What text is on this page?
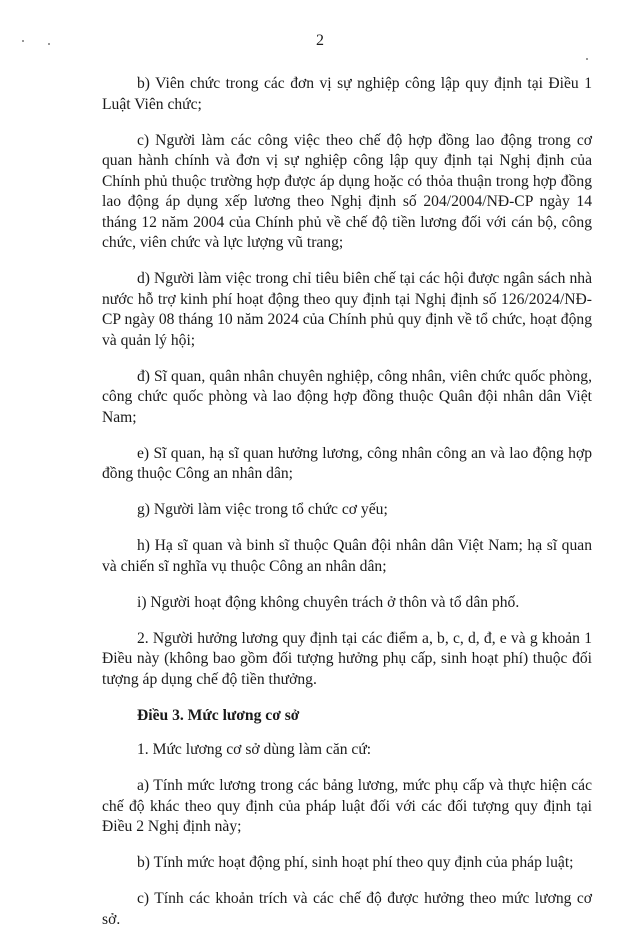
2

b) Viên chức trong các đơn vị sự nghiệp công lập quy định tại Điều 1 Luật Viên chức;

c) Người làm các công việc theo chế độ hợp đồng lao động trong cơ quan hành chính và đơn vị sự nghiệp công lập quy định tại Nghị định của Chính phủ thuộc trường hợp được áp dụng hoặc có thỏa thuận trong hợp đồng lao động áp dụng xếp lương theo Nghị định số 204/2004/NĐ-CP ngày 14 tháng 12 năm 2004 của Chính phủ về chế độ tiền lương đối với cán bộ, công chức, viên chức và lực lượng vũ trang;

d) Người làm việc trong chỉ tiêu biên chế tại các hội được ngân sách nhà nước hỗ trợ kinh phí hoạt động theo quy định tại Nghị định số 126/2024/NĐ-CP ngày 08 tháng 10 năm 2024 của Chính phủ quy định về tổ chức, hoạt động và quản lý hội;

đ) Sĩ quan, quân nhân chuyên nghiệp, công nhân, viên chức quốc phòng, công chức quốc phòng và lao động hợp đồng thuộc Quân đội nhân dân Việt Nam;

e) Sĩ quan, hạ sĩ quan hưởng lương, công nhân công an và lao động hợp đồng thuộc Công an nhân dân;

g) Người làm việc trong tổ chức cơ yếu;

h) Hạ sĩ quan và binh sĩ thuộc Quân đội nhân dân Việt Nam; hạ sĩ quan và chiến sĩ nghĩa vụ thuộc Công an nhân dân;

i) Người hoạt động không chuyên trách ở thôn và tổ dân phố.

2. Người hưởng lương quy định tại các điểm a, b, c, d, đ, e và g khoản 1 Điều này (không bao gồm đối tượng hưởng phụ cấp, sinh hoạt phí) thuộc đối tượng áp dụng chế độ tiền thưởng.

Điều 3. Mức lương cơ sở

1. Mức lương cơ sở dùng làm căn cứ:

a) Tính mức lương trong các bảng lương, mức phụ cấp và thực hiện các chế độ khác theo quy định của pháp luật đối với các đối tượng quy định tại Điều 2 Nghị định này;

b) Tính mức hoạt động phí, sinh hoạt phí theo quy định của pháp luật;

c) Tính các khoản trích và các chế độ được hưởng theo mức lương cơ sở.
